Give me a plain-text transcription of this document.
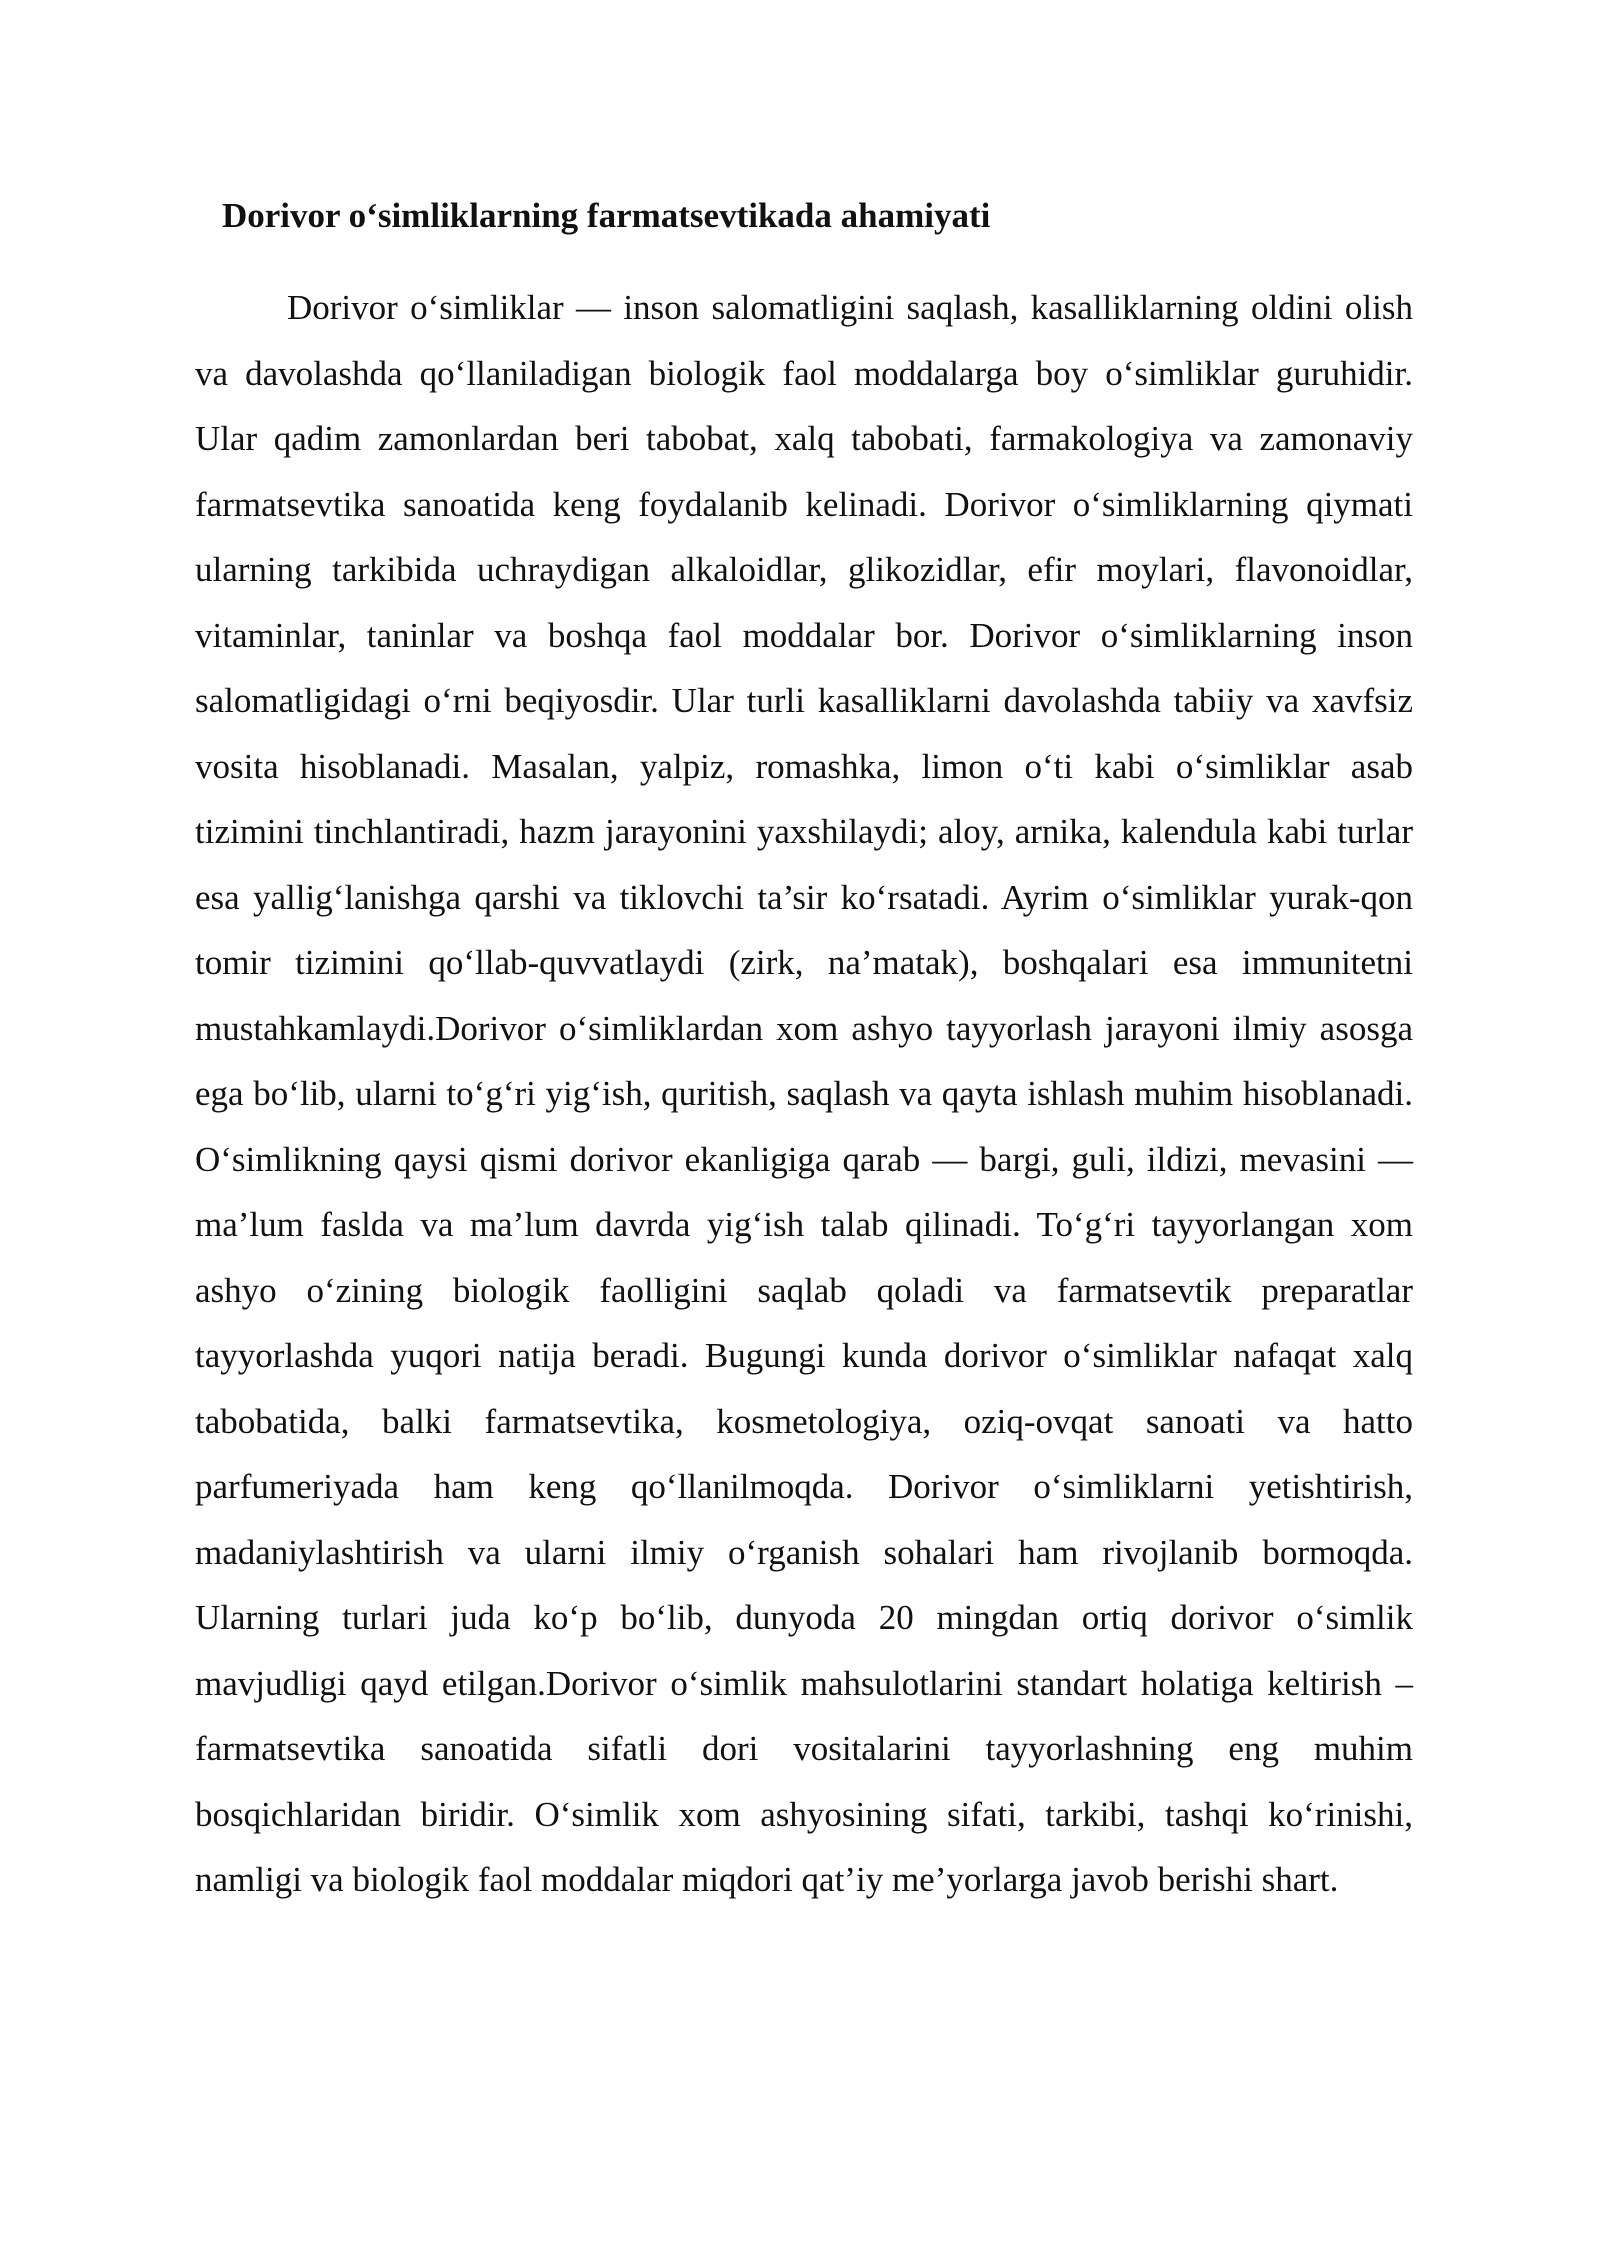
Dorivor o‘simliklarning farmatsevtikada ahamiyati

Dorivor o‘simliklar — inson salomatligini saqlash, kasalliklarning oldini olish va davolashda qo‘llaniladigan biologik faol moddalarga boy o‘simliklar guruhidir. Ular qadim zamonlardan beri tabobat, xalq tabobati, farmakologiya va zamonaviy farmatsevtika sanoatida keng foydalanib kelinadi. Dorivor o‘simliklarning qiymati ularning tarkibida uchraydigan alkaloidlar, glikozidlar, efir moylari, flavonoidlar, vitaminlar, taninlar va boshqa faol moddalar bor. Dorivor o‘simliklarning inson salomatligidagi o‘rni beqiyosdir. Ular turli kasalliklarni davolashda tabiiy va xavfsiz vosita hisoblanadi. Masalan, yalpiz, romashka, limon o‘ti kabi o‘simliklar asab tizimini tinchlantiradi, hazm jarayonini yaxshilaydi; aloy, arnika, kalendula kabi turlar esa yallig‘lanishga qarshi va tiklovchi ta’sir ko‘rsatadi. Ayrim o‘simliklar yurak-qon tomir tizimini qo‘llab-quvvatlaydi (zirk, na’matak), boshqalari esa immunitetni mustahkamlaydi.Dorivor o‘simliklardan xom ashyo tayyorlash jarayoni ilmiy asosga ega bo‘lib, ularni to‘g‘ri yig‘ish, quritish, saqlash va qayta ishlash muhim hisoblanadi. O‘simlikning qaysi qismi dorivor ekanligiga qarab — bargi, guli, ildizi, mevasini — ma’lum faslda va ma’lum davrda yig‘ish talab qilinadi. To‘g‘ri tayyorlangan xom ashyo o‘zining biologik faolligini saqlab qoladi va farmatsevtik preparatlar tayyorlashda yuqori natija beradi. Bugungi kunda dorivor o‘simliklar nafaqat xalq tabobatida, balki farmatsevtika, kosmetologiya, oziq-ovqat sanoati va hatto parfumeriyada ham keng qo‘llanilmoqda. Dorivor o‘simliklarni yetishtirish, madaniylashtirish va ularni ilmiy o‘rganish sohalari ham rivojlanib bormoqda. Ularning turlari juda ko‘p bo‘lib, dunyoda 20 mingdan ortiq dorivor o‘simlik mavjudligi qayd etilgan.Dorivor o‘simlik mahsulotlarini standart holatiga keltirish – farmatsevtika sanoatida sifatli dori vositalarini tayyorlashning eng muhim bosqichlaridan biridir. O‘simlik xom ashyosining sifati, tarkibi, tashqi ko‘rinishi, namligi va biologik faol moddalar miqdori qat’iy me’yorlarga javob berishi shart.
